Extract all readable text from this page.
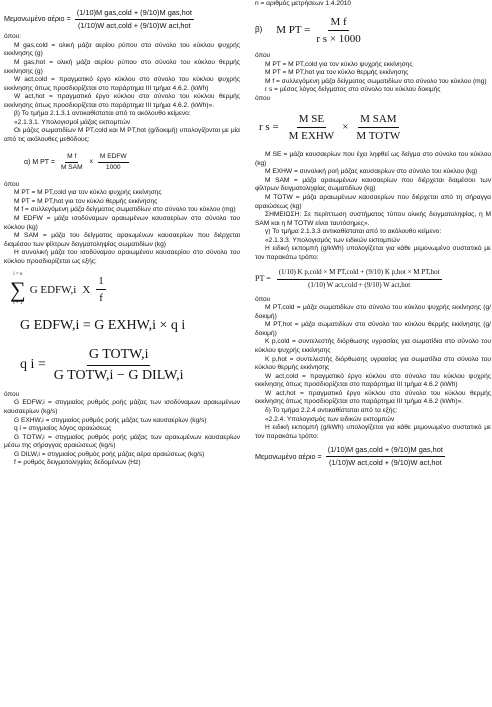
Μεμονωμένο $\alpha έ\rho\iota o = \frac{\text{(1/10)M gas,cold + (9/10)M gas,hot}}{\text{(1/10)W act,cold + (9/10)W act,hot}}$

όπου:

M gas,cold = ολική μάζα αερίου ρύπου στο σύνολο του κύκλου ψυχρής εκκίνησης (g)

M gas,hot = ολική μάζα αερίου ρύπου στο σύνολο του κύκλου θερμής εκκίνησης (g)

W act,cold = πραγματικό έργο κύκλου στο σύνολο του κύκλου ψυχρής εκκίνησης όπως προσδιορίζεται στο παράρτημα III τμήμα 4.6.2. (kWh)

W act,hot = πραγματικό έργο κύκλου στο σύνολο του κύκλου θερμής εκκίνησης όπως προσδιορίζεται στο παράρτημα III τμήμα 4.6.2. (kWh)».

β) Το τμήμα 2.1.3.1 αντικαθίσταται από το ακόλουθο κείμενο:

«2.1.3.1. Υπολογισμοί μάζας εκπομπών

Οι μάζες σωματιδίων M PT,cold και M PT,hot (g/δοκιμή) υπολογίζονται με μία από τις ακόλουθες μεθόδους:

α) M PT = $\frac{\text{M f}}{\text{M SAM}}$ x $\frac{\text{M EDFW}}{1000}$

όπου

M PT = M PT,cold για τον κύκλο ψυχρής εκκίνησης

M PT = M PT,hot για τον κύκλο θερμής εκκίνησης

M f = συλλεγόμενη μάζα δείγματος σωματιδίων στο σύνολο του κύκλου (mg)

M EDFW = μάζα ισοδύναμων αραιωμένων καυσαερίων στο σύνολο του κύκλου (kg)

M SAM = μάζα του δείγματος αραιωμένων καυσαερίων που διέρχεται διαμέσου των φίλτρων δειγματοληψίας σωματιδίων (kg)

Η συνολική μάζα του ισοδύναμου αραιωμένου καυσαερίου στο σύνολο του κύκλου προσδιορίζεται ως εξής:

i = n
∑
i = 1
G EDFW,i X $\frac{1}{f}$
G EDFW,i = G EXHW,i × q i
q $i = \frac{\text{G TOTW,i}}{\text{G TOTW,i − G DILW,i}}$

όπου

G EDFW,i = στιγμιαίος ρυθμός ροής μάζας των ισοδύναμων αραιωμένων καυσαερίων (kg/s)

G EXHW,i = στιγμιαίος ρυθμός ροής μάζας των καυσαερίων (kg/s)

q i = στιγμιαίος λόγος αραιώσεως

G TOTW,i = στιγμιαίος ρυθμός ροής μάζας των αραιωμένων καυσαερίων μέσω της σήραγγας αραιώσεως (kg/s)

G DILW,i = στιγμιαίος ρυθμός ροής μάζας αέρα αραιώσεως (kg/s)

f = ρυθμός δειγματοληψίας δεδομένων (Hz)

n = αριθμός μετρήσεων 1.4.2010

β) M PT = $\frac{\text{M f}}{\text{r s × 1000}}$

όπου

M PT = M PT,cold για τον κύκλο ψυχρής εκκίνησης

M PT = M PT,hot για τον κύκλο θερμής εκκίνησης

M f = συλλεγόμενη μάζα δείγματος σωματιδίων στο σύνολο του κύκλου (mg)

r s = μέσος λόγος δείγματος στο σύνολο του κύκλου δοκιμής

όπου

r $s = \frac{\text{M SE}}{\text{M EXHW}} \times \frac{\text{M SAM}}{\text{M TOTW}}$

M SE = μάζα καυσαερίων που έχει ληφθεί ως δείγμα στο σύνολο του κύκλου (kg)

M EXHW = συνολική ροή μάζας καυσαερίων στο σύνολο του κύκλου (kg)

M SAM = μάζα αραιωμένων καυσαερίων που διέρχεται διαμέσου των φίλτρων δειγματοληψίας σωματιδίων (kg)

M TOTW = μάζα αραιωμένων καυσαερίων που διέρχεται από τη σήραγγα αραιώσεως (kg)

ΣΗΜΕΙΩΣΗ: Σε περίπτωση συστήματος τύπου ολικής δειγματοληψίας, η M SAM και η M TOTW είναι ταυτόσημες».

γ) Το τμήμα 2.1.3.3 αντικαθίσταται από το ακόλουθο κείμενο:

«2.1.3.3. Υπολογισμός των ειδικών εκπομπών

Η ειδική εκπομπή (g/kWh) υπολογίζεται για κάθε μεμονωμένο συστατικό με τον παρακάτω τρόπο:

PT = $\frac{\text{(1/10) K p,cold × M PT,cold + (9/10) K p,hot × M PT,hot}}{\text{(1/10) W act,cold + (9/10) W act,hot}}$

όπου

M PT,cold = μάζα σωματιδίων στο σύνολο του κύκλου ψυχρής εκκίνησης (g/δοκιμή)

M PT,hot = μάζα σωματιδίων στο σύνολο του κύκλου θερμής εκκίνησης (g/δοκιμή)

K p,cold = συντελεστής διόρθωσης υγρασίας για σωματίδια στο σύνολο του κύκλου ψυχρής εκκίνησης

K p,hot = συντελεστής διόρθωσης υγρασίας για σωματίδια στο σύνολο του κύκλου θερμής εκκίνησης

W act,cold = πραγματικό έργο κύκλου στο σύνολο του κύκλου ψυχρής εκκίνησης όπως προσδιορίζεται στο παράρτημα III τμήμα 4.6.2 (kWh)

W act,hot = πραγματικό έργο κύκλου στο σύνολο του κύκλου θερμής εκκίνησης όπως προσδιορίζεται στο παράρτημα III τμήμα 4.6.2 (kWh)».

δ) Το τμήμα 2.2.4 αντικαθίσταται από τα εξής:

«2.2.4. Υπολογισμός των ειδικών εκπομπών

Η ειδική εκπομπή (g/kWh) υπολογίζεται για κάθε μεμονωμένο συστατικό με τον παρακάτω τρόπο:

Μεμονωμένο $\alpha έ\rho\iota o = \frac{\text{(1/10)M gas,cold + (9/10)M gas,hot}}{\text{(1/10)W act,cold + (9/10)W act,hot}}$
